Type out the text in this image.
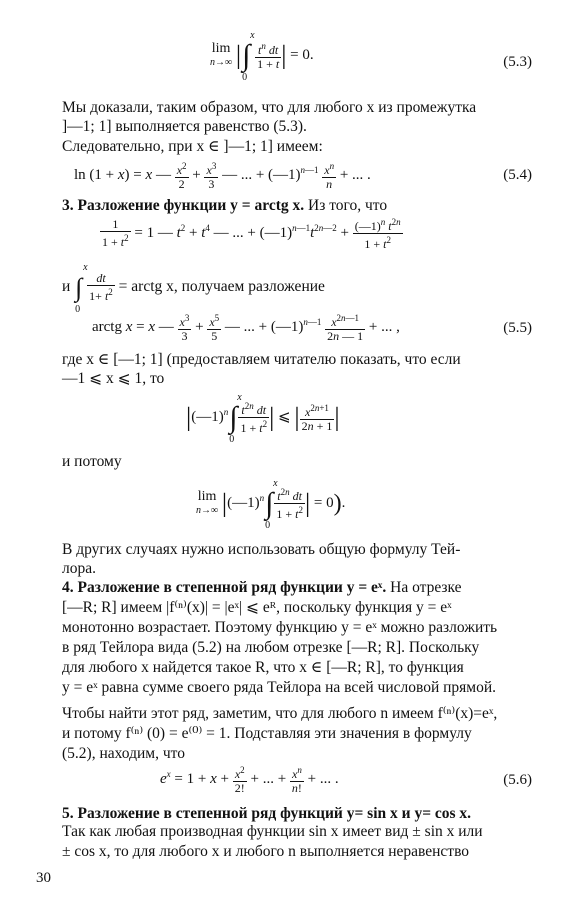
lim
n→∞ |∫
x
0

$\frac{t^n dt}{1 + t}$ | = 0.	(5.3)
Мы доказали, таким образом, что для любого x из промежутка
]—1; 1] выполняется равенство (5.3).
Следовательно, при x ∈ ]—1; 1] имеем:
ln (1 + x) = x — $\frac{x^2}{2} + \frac{x^3}{3}$ — ... + (—1)$^{n—1}$ $\frac{x^n}{n}$ + ... .	(5.4)
3. Разложение функции y = arctg x. Из того, что
$\frac{1}{1 + t^2} = 1$ — $t^2 + t^4$ — ... + $(—1)^{n—1}t^{2n—2} + \frac{(—1)^n t^{2n}}{1 + t^2}$
и ∫
x
0

$\frac{dt}{1+ t^2}$ = arctg x, получаем разложение
arctg x = x — $\frac{x^3}{3} + \frac{x^5}{5}$ — ... + (—1)$^{n—1}$ $\frac{x^{2n—1}}{2n — 1}$ + ... ,	(5.5)
где x ∈ [—1; 1] (предоставляем читателю показать, что если
—1 ⩽ x ⩽ 1, то
|(—1)$^n$∫
x
0
$\frac{t^{2n} dt}{1 + t^2}$ | ⩽ | $\frac{x^{2n+1}}{2n + 1}$ |
и потому
lim
n→∞ |(—1)$^n$∫
x
0
$\frac{t^{2n} dt}{1 + t^2}$ | = 0).
В других случаях нужно использовать общую формулу Тей-
лора.
4. Разложение в степенной ряд функции y = eˣ. На отрезке
[—R; R] имеем |f⁽ⁿ⁾(x)| = |eˣ| ⩽ eᴿ, поскольку функция y = eˣ
монотонно возрастает. Поэтому функцию y = eˣ можно разложить
в ряд Тейлора вида (5.2) на любом отрезке [—R; R]. Поскольку
для любого x найдется такое R, что x ∈ [—R; R], то функция
y = eˣ равна сумме своего ряда Тейлора на всей числовой прямой.
Чтобы найти этот ряд, заметим, что для любого n имеем f⁽ⁿ⁾(x)=eˣ,
и потому f⁽ⁿ⁾ (0) = e⁽⁰⁾ = 1. Подставляя эти значения в формулу
(5.2), находим, что
$e^x = 1 + x + \frac{x^2}{2!}$ + ... + $\frac{x^n}{n!}$ + ... .	(5.6)
5. Разложение в степенной ряд функций y= sin x и y= cos x.
Так как любая производная функции sin x имеет вид ± sin x или
± cos x, то для любого x и любого n выполняется неравенство
30
